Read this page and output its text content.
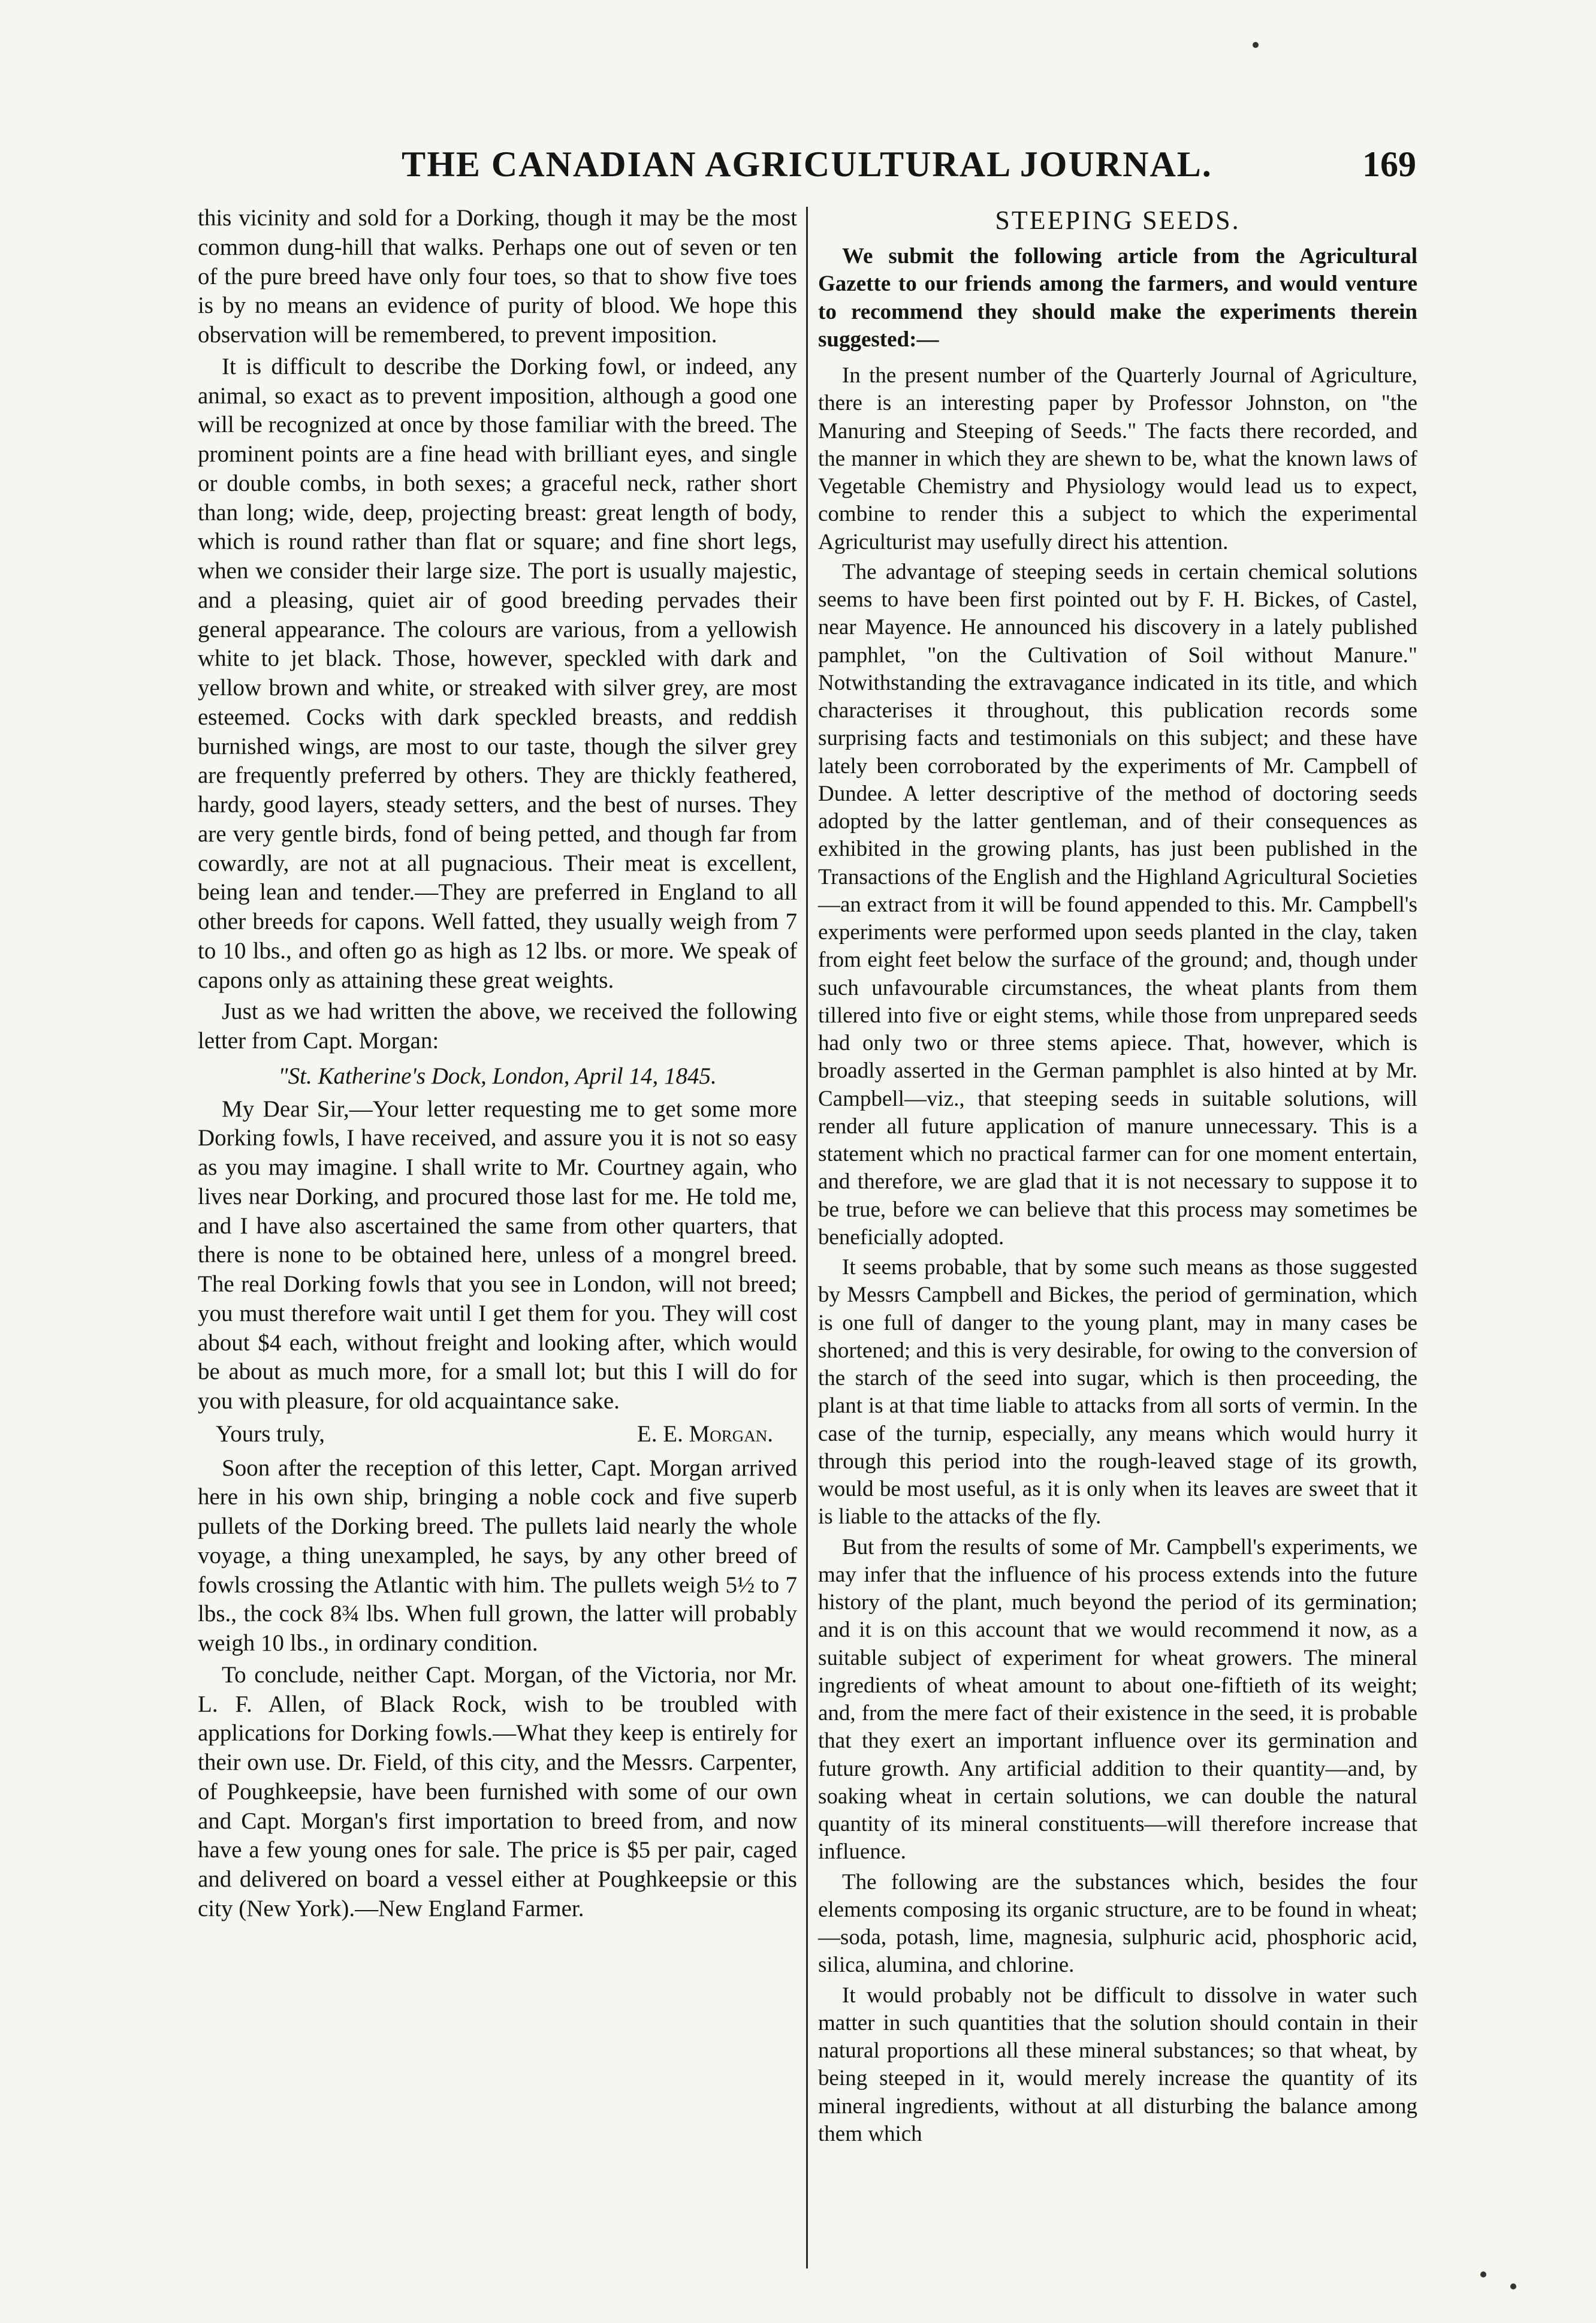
THE CANADIAN AGRICULTURAL JOURNAL.	169

this vicinity and sold for a Dorking, though it may be the most common dung-hill that walks. Perhaps one out of seven or ten of the pure breed have only four toes, so that to show five toes is by no means an evidence of purity of blood. We hope this observation will be remembered, to prevent imposition.

It is difficult to describe the Dorking fowl, or indeed, any animal, so exact as to prevent imposition, although a good one will be recognized at once by those familiar with the breed. The prominent points are a fine head with brilliant eyes, and single or double combs, in both sexes; a graceful neck, rather short than long; wide, deep, projecting breast: great length of body, which is round rather than flat or square; and fine short legs, when we consider their large size. The port is usually majestic, and a pleasing, quiet air of good breeding pervades their general appearance. The colours are various, from a yellowish white to jet black. Those, however, speckled with dark and yellow brown and white, or streaked with silver grey, are most esteemed. Cocks with dark speckled breasts, and reddish burnished wings, are most to our taste, though the silver grey are frequently preferred by others. They are thickly feathered, hardy, good layers, steady setters, and the best of nurses. They are very gentle birds, fond of being petted, and though far from cowardly, are not at all pugnacious. Their meat is excellent, being lean and tender.—They are preferred in England to all other breeds for capons. Well fatted, they usually weigh from 7 to 10 lbs., and often go as high as 12 lbs. or more. We speak of capons only as attaining these great weights.

Just as we had written the above, we received the following letter from Capt. Morgan:

"St. Katherine's Dock, London, April 14, 1845.

My Dear Sir,—Your letter requesting me to get some more Dorking fowls, I have received, and assure you it is not so easy as you may imagine. I shall write to Mr. Courtney again, who lives near Dorking, and procured those last for me. He told me, and I have also ascertained the same from other quarters, that there is none to be obtained here, unless of a mongrel breed. The real Dorking fowls that you see in London, will not breed; you must therefore wait until I get them for you. They will cost about $4 each, without freight and looking after, which would be about as much more, for a small lot; but this I will do for you with pleasure, for old acquaintance sake.

Yours truly,	E. E. Morgan.

Soon after the reception of this letter, Capt. Morgan arrived here in his own ship, bringing a noble cock and five superb pullets of the Dorking breed. The pullets laid nearly the whole voyage, a thing unexampled, he says, by any other breed of fowls crossing the Atlantic with him. The pullets weigh 5½ to 7 lbs., the cock 8¾ lbs. When full grown, the latter will probably weigh 10 lbs., in ordinary condition.

To conclude, neither Capt. Morgan, of the Victoria, nor Mr. L. F. Allen, of Black Rock, wish to be troubled with applications for Dorking fowls.—What they keep is entirely for their own use. Dr. Field, of this city, and the Messrs. Carpenter, of Poughkeepsie, have been furnished with some of our own and Capt. Morgan's first importation to breed from, and now have a few young ones for sale. The price is $5 per pair, caged and delivered on board a vessel either at Poughkeepsie or this city (New York).—New England Farmer.

STEEPING SEEDS.
We submit the following article from the Agricultural Gazette to our friends among the farmers, and would venture to recommend they should make the experiments therein suggested:—

In the present number of the Quarterly Journal of Agriculture, there is an interesting paper by Professor Johnston, on "the Manuring and Steeping of Seeds." The facts there recorded, and the manner in which they are shewn to be, what the known laws of Vegetable Chemistry and Physiology would lead us to expect, combine to render this a subject to which the experimental Agriculturist may usefully direct his attention.

The advantage of steeping seeds in certain chemical solutions seems to have been first pointed out by F. H. Bickes, of Castel, near Mayence. He announced his discovery in a lately published pamphlet, "on the Cultivation of Soil without Manure." Notwithstanding the extravagance indicated in its title, and which characterises it throughout, this publication records some surprising facts and testimonials on this subject; and these have lately been corroborated by the experiments of Mr. Campbell of Dundee. A letter descriptive of the method of doctoring seeds adopted by the latter gentleman, and of their consequences as exhibited in the growing plants, has just been published in the Transactions of the English and the Highland Agricultural Societies—an extract from it will be found appended to this. Mr. Campbell's experiments were performed upon seeds planted in the clay, taken from eight feet below the surface of the ground; and, though under such unfavourable circumstances, the wheat plants from them tillered into five or eight stems, while those from unprepared seeds had only two or three stems apiece. That, however, which is broadly asserted in the German pamphlet is also hinted at by Mr. Campbell—viz., that steeping seeds in suitable solutions, will render all future application of manure unnecessary. This is a statement which no practical farmer can for one moment entertain, and therefore, we are glad that it is not necessary to suppose it to be true, before we can believe that this process may sometimes be beneficially adopted.

It seems probable, that by some such means as those suggested by Messrs Campbell and Bickes, the period of germination, which is one full of danger to the young plant, may in many cases be shortened; and this is very desirable, for owing to the conversion of the starch of the seed into sugar, which is then proceeding, the plant is at that time liable to attacks from all sorts of vermin. In the case of the turnip, especially, any means which would hurry it through this period into the rough-leaved stage of its growth, would be most useful, as it is only when its leaves are sweet that it is liable to the attacks of the fly.

But from the results of some of Mr. Campbell's experiments, we may infer that the influence of his process extends into the future history of the plant, much beyond the period of its germination; and it is on this account that we would recommend it now, as a suitable subject of experiment for wheat growers. The mineral ingredients of wheat amount to about one-fiftieth of its weight; and, from the mere fact of their existence in the seed, it is probable that they exert an important influence over its germination and future growth. Any artificial addition to their quantity—and, by soaking wheat in certain solutions, we can double the natural quantity of its mineral constituents—will therefore increase that influence.

The following are the substances which, besides the four elements composing its organic structure, are to be found in wheat;—soda, potash, lime, magnesia, sulphuric acid, phosphoric acid, silica, alumina, and chlorine.

It would probably not be difficult to dissolve in water such matter in such quantities that the solution should contain in their natural proportions all these mineral substances; so that wheat, by being steeped in it, would merely increase the quantity of its mineral ingredients, without at all disturbing the balance among them which
